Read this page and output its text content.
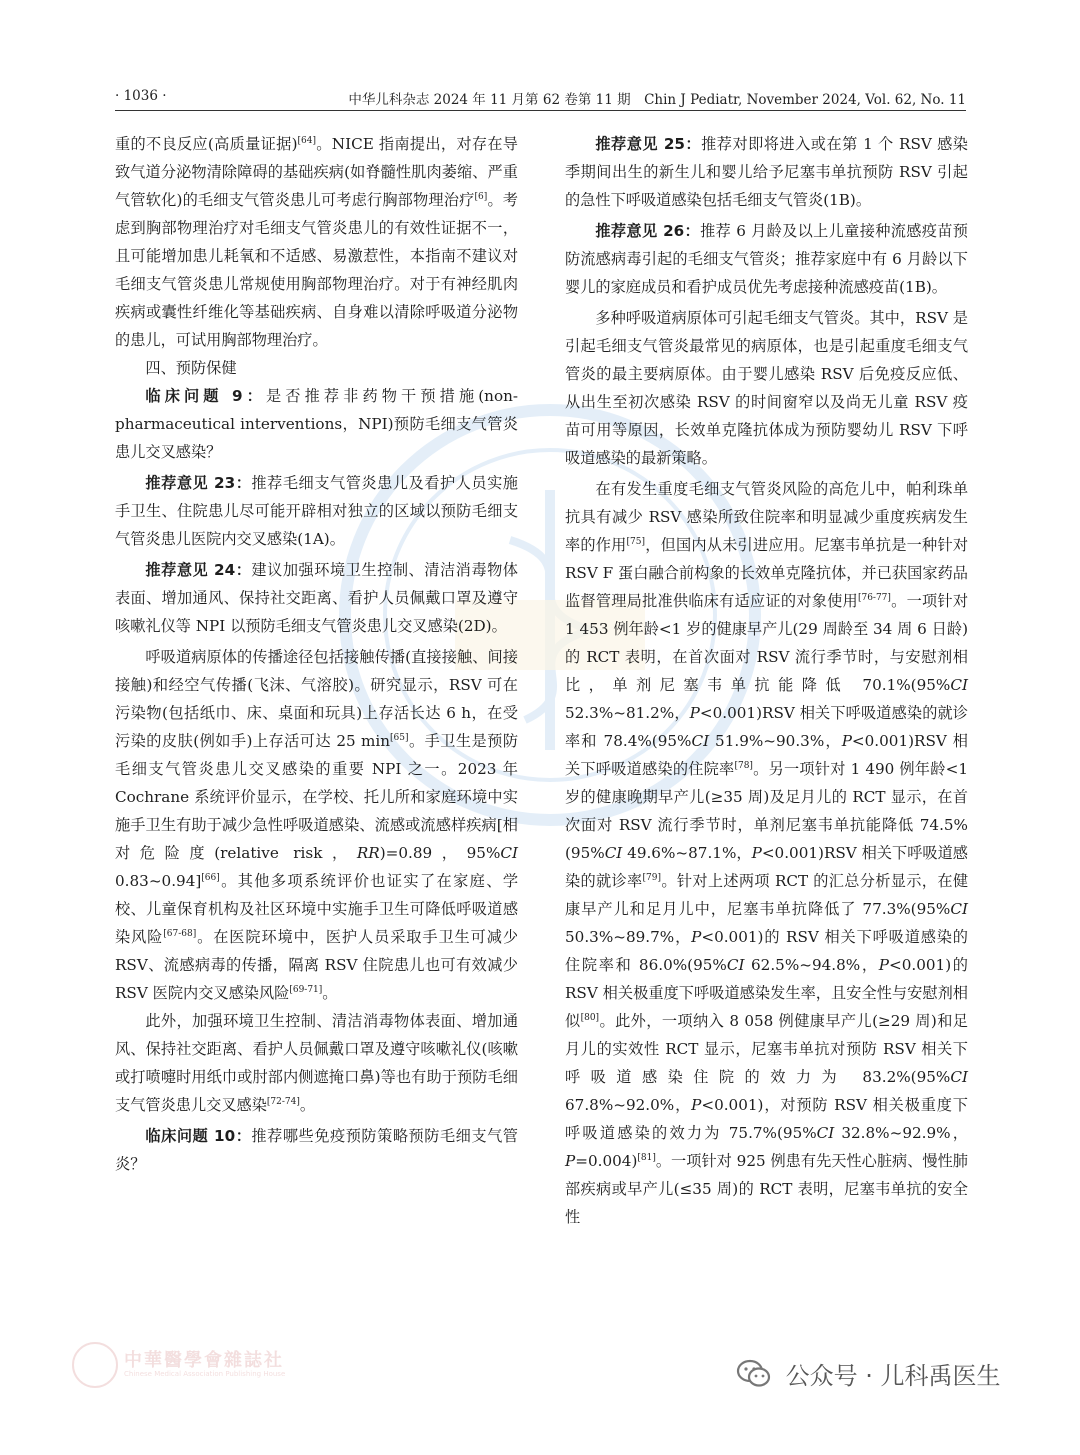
· 1036 ·	中华儿科杂志 2024 年 11 月第 62 卷第 11 期　Chin J Pediatr, November 2024, Vol. 62, No. 11

重的不良反应(高质量证据)[64]。NICE 指南提出，对存在导致气道分泌物清除障碍的基础疾病(如脊髓性肌肉萎缩、严重气管软化)的毛细支气管炎患儿可考虑行胸部物理治疗[6]。考虑到胸部物理治疗对毛细支气管炎患儿的有效性证据不一，且可能增加患儿耗氧和不适感、易激惹性，本指南不建议对毛细支气管炎患儿常规使用胸部物理治疗。对于有神经肌肉疾病或囊性纤维化等基础疾病、自身难以清除呼吸道分泌物的患儿，可试用胸部物理治疗。

四、预防保健

临床问题 9：是否推荐非药物干预措施(non-pharmaceutical interventions，NPI)预防毛细支气管炎患儿交叉感染？

推荐意见 23：推荐毛细支气管炎患儿及看护人员实施手卫生、住院患儿尽可能开辟相对独立的区域以预防毛细支气管炎患儿医院内交叉感染(1A)。

推荐意见 24：建议加强环境卫生控制、清洁消毒物体表面、增加通风、保持社交距离、看护人员佩戴口罩及遵守咳嗽礼仪等 NPI 以预防毛细支气管炎患儿交叉感染(2D)。

呼吸道病原体的传播途径包括接触传播(直接接触、间接接触)和经空气传播(飞沫、气溶胶)。研究显示，RSV 可在污染物(包括纸巾、床、桌面和玩具)上存活长达 6 h，在受污染的皮肤(例如手)上存活可达 25 min[65]。手卫生是预防毛细支气管炎患儿交叉感染的重要 NPI 之一。2023 年 Cochrane 系统评价显示，在学校、托儿所和家庭环境中实施手卫生有助于减少急性呼吸道感染、流感或流感样疾病[相对危险度(relative risk，RR)=0.89，95%CI 0.83~0.94][66]。其他多项系统评价也证实了在家庭、学校、儿童保育机构及社区环境中实施手卫生可降低呼吸道感染风险[67-68]。在医院环境中，医护人员采取手卫生可减少 RSV、流感病毒的传播，隔离 RSV 住院患儿也可有效减少 RSV 医院内交叉感染风险[69-71]。

此外，加强环境卫生控制、清洁消毒物体表面、增加通风、保持社交距离、看护人员佩戴口罩及遵守咳嗽礼仪(咳嗽或打喷嚏时用纸巾或肘部内侧遮掩口鼻)等也有助于预防毛细支气管炎患儿交叉感染[72-74]。

临床问题 10：推荐哪些免疫预防策略预防毛细支气管炎？

推荐意见 25：推荐对即将进入或在第 1 个 RSV 感染季期间出生的新生儿和婴儿给予尼塞韦单抗预防 RSV 引起的急性下呼吸道感染包括毛细支气管炎(1B)。

推荐意见 26：推荐 6 月龄及以上儿童接种流感疫苗预防流感病毒引起的毛细支气管炎；推荐家庭中有 6 月龄以下婴儿的家庭成员和看护成员优先考虑接种流感疫苗(1B)。

多种呼吸道病原体可引起毛细支气管炎。其中，RSV 是引起毛细支气管炎最常见的病原体，也是引起重度毛细支气管炎的最主要病原体。由于婴儿感染 RSV 后免疫反应低、从出生至初次感染 RSV 的时间窗窄以及尚无儿童 RSV 疫苗可用等原因，长效单克隆抗体成为预防婴幼儿 RSV 下呼吸道感染的最新策略。

在有发生重度毛细支气管炎风险的高危儿中，帕利珠单抗具有减少 RSV 感染所致住院率和明显减少重度疾病发生率的作用[75]，但国内从未引进应用。尼塞韦单抗是一种针对 RSV F 蛋白融合前构象的长效单克隆抗体，并已获国家药品监督管理局批准供临床有适应证的对象使用[76-77]。一项针对 1 453 例年龄<1 岁的健康早产儿(29 周龄至 34 周 6 日龄)的 RCT 表明，在首次面对 RSV 流行季节时，与安慰剂相比，单剂尼塞韦单抗能降低 70.1%(95%CI 52.3%~81.2%，P<0.001)RSV 相关下呼吸道感染的就诊率和 78.4%(95%CI 51.9%~90.3%，P<0.001)RSV 相关下呼吸道感染的住院率[78]。另一项针对 1 490 例年龄<1 岁的健康晚期早产儿(≥35 周)及足月儿的 RCT 显示，在首次面对 RSV 流行季节时，单剂尼塞韦单抗能降低 74.5%(95%CI 49.6%~87.1%，P<0.001)RSV 相关下呼吸道感染的就诊率[79]。针对上述两项 RCT 的汇总分析显示，在健康早产儿和足月儿中，尼塞韦单抗降低了 77.3%(95%CI 50.3%~89.7%，P<0.001)的 RSV 相关下呼吸道感染的住院率和 86.0%(95%CI 62.5%~94.8%，P<0.001)的 RSV 相关极重度下呼吸道感染发生率，且安全性与安慰剂相似[80]。此外，一项纳入 8 058 例健康早产儿(≥29 周)和足月儿的实效性 RCT 显示，尼塞韦单抗对预防 RSV 相关下呼吸道感染住院的效力为 83.2%(95%CI 67.8%~92.0%，P<0.001)，对预防 RSV 相关极重度下呼吸道感染的效力为 75.7%(95%CI 32.8%~92.9%，P=0.004)[81]。一项针对 925 例患有先天性心脏病、慢性肺部疾病或早产儿(≤35 周)的 RCT 表明，尼塞韦单抗的安全性

中華醫學會雜誌社
Chinese Medical Association Publishing House	公众号 · 儿科禹医生
